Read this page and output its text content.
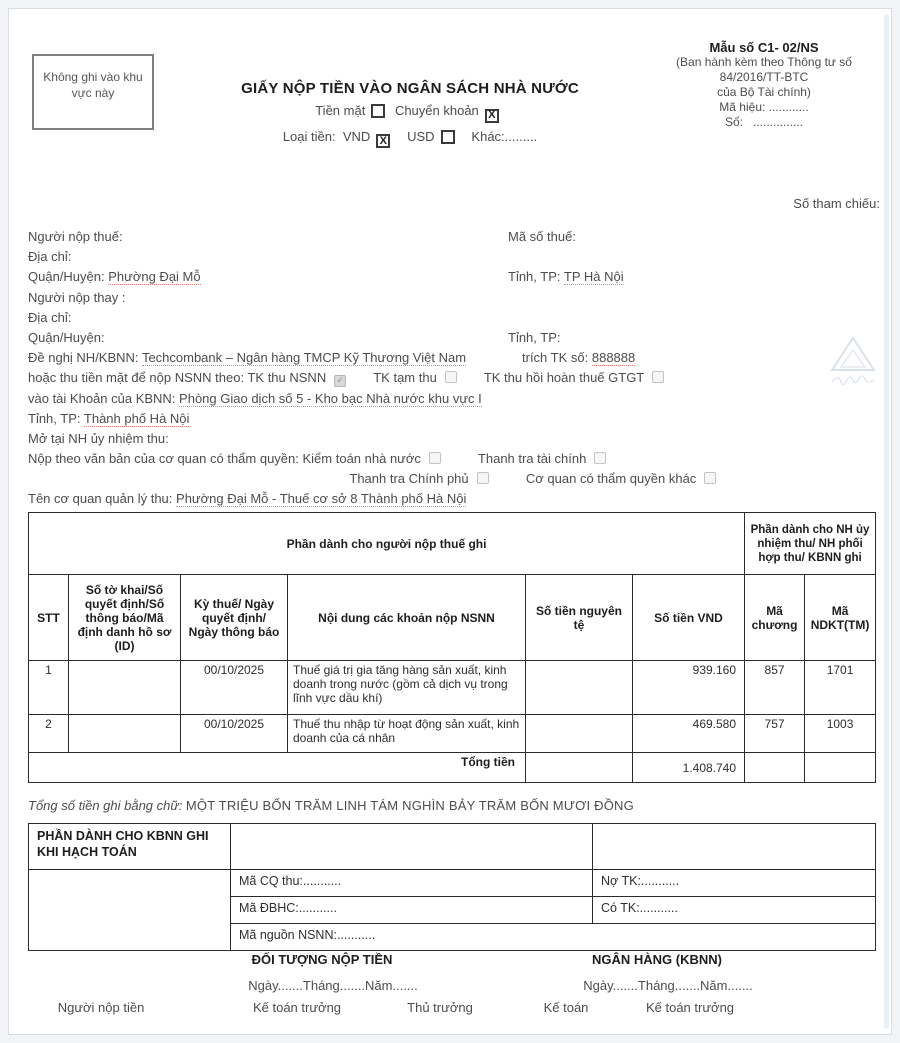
Không ghi vào khu vực này	GIẤY NỘP TIỀN VÀO NGÂN SÁCH NHÀ NƯỚC
Tiền mặt Chuyển khoản X
Loại tiền: VND X USD	Khác:.........
Mẫu số C1- 02/NS
(Ban hành kèm theo Thông tư số
84/2016/TT-BTC
của Bộ Tài chính)
Mã hiệu: ............
Số: ...............
Số tham chiếu:
Người nộp thuế:	Mã số thuế:
Địa chỉ:
Quận/Huyện: Phường Đại Mỗ	Tỉnh, TP: TP Hà Nội
Người nộp thay :
Địa chỉ:
Quận/Huyện:	Tỉnh, TP:
Đề nghị NH/KBNN: Techcombank – Ngân hàng TMCP Kỹ Thương Việt Nam	trích TK số: 888888
hoặc thu tiền mặt để nộp NSNN theo: TK thu NSNN ✓ TK tạm thu	TK thu hồi hoàn thuế GTGT
vào tài Khoản của KBNN: Phòng Giao dịch số 5 - Kho bạc Nhà nước khu vực I
Tỉnh, TP: Thành phố Hà Nội
Mở tại NH ủy nhiệm thu:
Nộp theo văn bản của cơ quan có thẩm quyền: Kiểm toán nhà nước	Thanh tra tài chính
Thanh tra Chính phủ	Cơ quan có thẩm quyền khác
Tên cơ quan quản lý thu: Phường Đại Mỗ - Thuế cơ sở 8 Thành phố Hà Nội
Phần dành cho người nộp thuế ghi						Phần dành cho NH ủy nhiệm thu/ NH phối hợp thu/ KBNN ghi	
STT	Số tờ khai/Số quyết định/Số thông báo/Mã định danh hồ sơ (ID)	Kỳ thuế/ Ngày quyết định/ Ngày thông báo	Nội dung các khoản nộp NSNN	Số tiền nguyên tệ	Số tiền VND	Mã chương	Mã NDKT(TM)
1		00/10/2025	Thuế giá trị gia tăng hàng sản xuất, kinh doanh trong nước (gồm cả dịch vụ trong lĩnh vực dầu khí)		939.160	857	1701
2		00/10/2025	Thuế thu nhập từ hoạt động sản xuất, kinh doanh của cá nhân		469.580	757	1003
Tổng tiền					1.408.740		
Tổng số tiền ghi bằng chữ: MỘT TRIỆU BỐN TRĂM LINH TÁM NGHÌN BẢY TRĂM BỐN MƯƠI ĐỒNG
PHẦN DÀNH CHO KBNN GHI KHI HẠCH TOÁN		
	Mã CQ thu:...........	Nợ TK:...........
	Mã ĐBHC:...........	Có TK:...........
	Mã nguồn NSNN:...........	
ĐỐI TƯỢNG NỘP TIỀN	NGÂN HÀNG (KBNN)
Ngày.......Tháng.......Năm.......	Ngày.......Tháng.......Năm.......
Người nộp tiền	Kế toán trưởng	Thủ trưởng	Kế toán	Kế toán trưởng
